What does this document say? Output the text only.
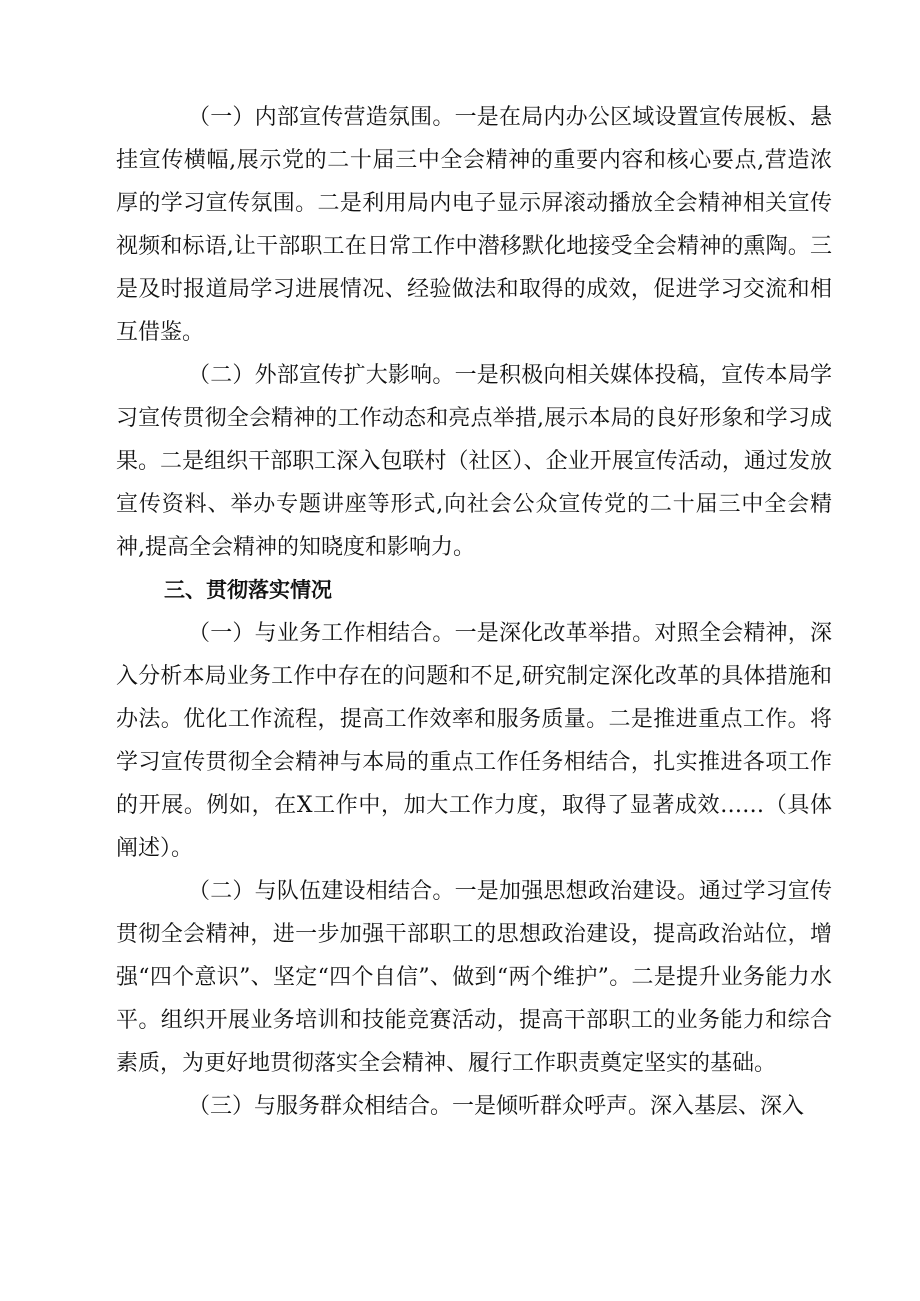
（一）内部宣传营造氛围。一是在局内办公区域设置宣传展板、悬挂宣传横幅,展示党的二十届三中全会精神的重要内容和核心要点,营造浓厚的学习宣传氛围。二是利用局内电子显示屏滚动播放全会精神相关宣传视频和标语,让干部职工在日常工作中潜移默化地接受全会精神的熏陶。三是及时报道局学习进展情况、经验做法和取得的成效，促进学习交流和相互借鉴。

（二）外部宣传扩大影响。一是积极向相关媒体投稿，宣传本局学习宣传贯彻全会精神的工作动态和亮点举措,展示本局的良好形象和学习成果。二是组织干部职工深入包联村（社区）、企业开展宣传活动，通过发放宣传资料、举办专题讲座等形式,向社会公众宣传党的二十届三中全会精神,提高全会精神的知晓度和影响力。

三、贯彻落实情况

（一）与业务工作相结合。一是深化改革举措。对照全会精神，深入分析本局业务工作中存在的问题和不足,研究制定深化改革的具体措施和办法。优化工作流程，提高工作效率和服务质量。二是推进重点工作。将学习宣传贯彻全会精神与本局的重点工作任务相结合，扎实推进各项工作的开展。例如，在X工作中，加大工作力度，取得了显著成效……（具体阐述）。

（二）与队伍建设相结合。一是加强思想政治建设。通过学习宣传贯彻全会精神，进一步加强干部职工的思想政治建设，提高政治站位，增强“四个意识”、坚定“四个自信”、做到“两个维护”。二是提升业务能力水平。组织开展业务培训和技能竞赛活动，提高干部职工的业务能力和综合素质，为更好地贯彻落实全会精神、履行工作职责奠定坚实的基础。

（三）与服务群众相结合。一是倾听群众呼声。深入基层、深入
